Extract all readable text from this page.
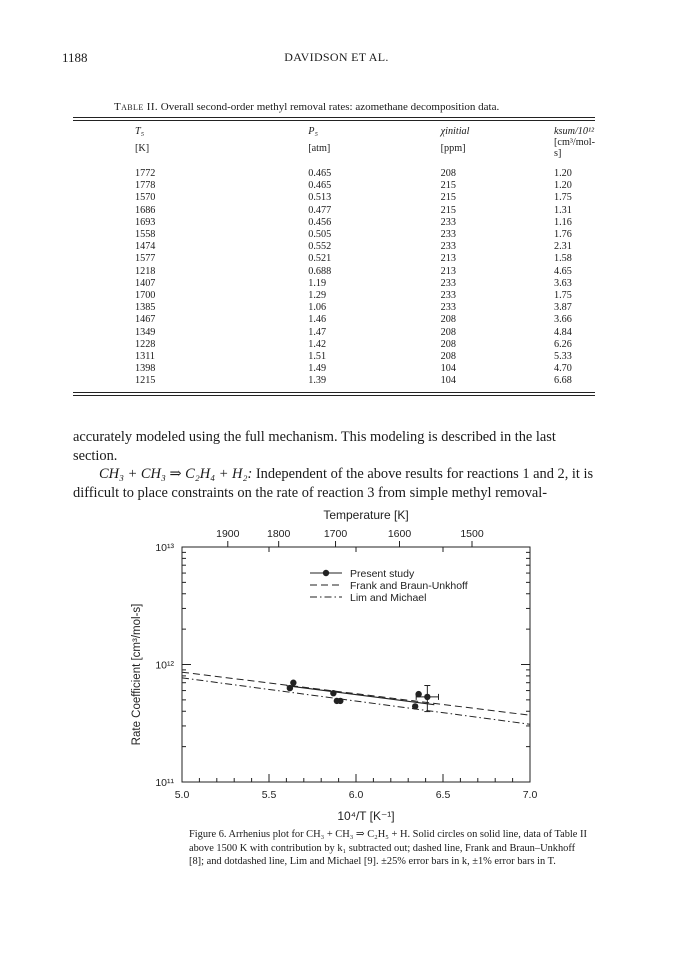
1188	DAVIDSON ET AL.
Table II. Overall second-order methyl removal rates: azomethane decomposition data.
T₅	P₅	χinitial	ksum/10¹²
[K]	[atm]	[ppm]	[cm³/mol-s]
1772	0.465	208	1.20
1778	0.465	215	1.20
1570	0.513	215	1.75
1686	0.477	215	1.31
1693	0.456	233	1.16
1558	0.505	233	1.76
1474	0.552	233	2.31
1577	0.521	213	1.58
1218	0.688	213	4.65
1407	1.19	233	3.63
1700	1.29	233	1.75
1385	1.06	233	3.87
1467	1.46	208	3.66
1349	1.47	208	4.84
1228	1.42	208	6.26
1311	1.51	208	5.33
1398	1.49	104	4.70
1215	1.39	104	6.68

accurately modeled using the full mechanism. This modeling is described in the last section.

CH₃ + CH₃ ⇒ C₂H₄ + H₂: Independent of the above results for reactions 1 and 2, it is difficult to place constraints on the rate of reaction 3 from simple methyl removal-

5.0	5.5	6.0	6.5	7.0
1900	1800	1700	1600	1500
Temperature [K]
10¹³
10¹²
10¹¹
10⁴/T [K⁻¹]
Rate Coefficient [cm³/mol-s]
Present study
Frank and Braun-Unkhoff
Lim and Michael
Figure 6. Arrhenius plot for CH₃ + CH₃ ⇒ C₂H₅ + H. Solid circles on solid line, data of Table II above 1500 K with contribution by k₁ subtracted out; dashed line, Frank and Braun–Unkhoff [8]; and dotdashed line, Lim and Michael [9]. ±25% error bars in k, ±1% error bars in T.
